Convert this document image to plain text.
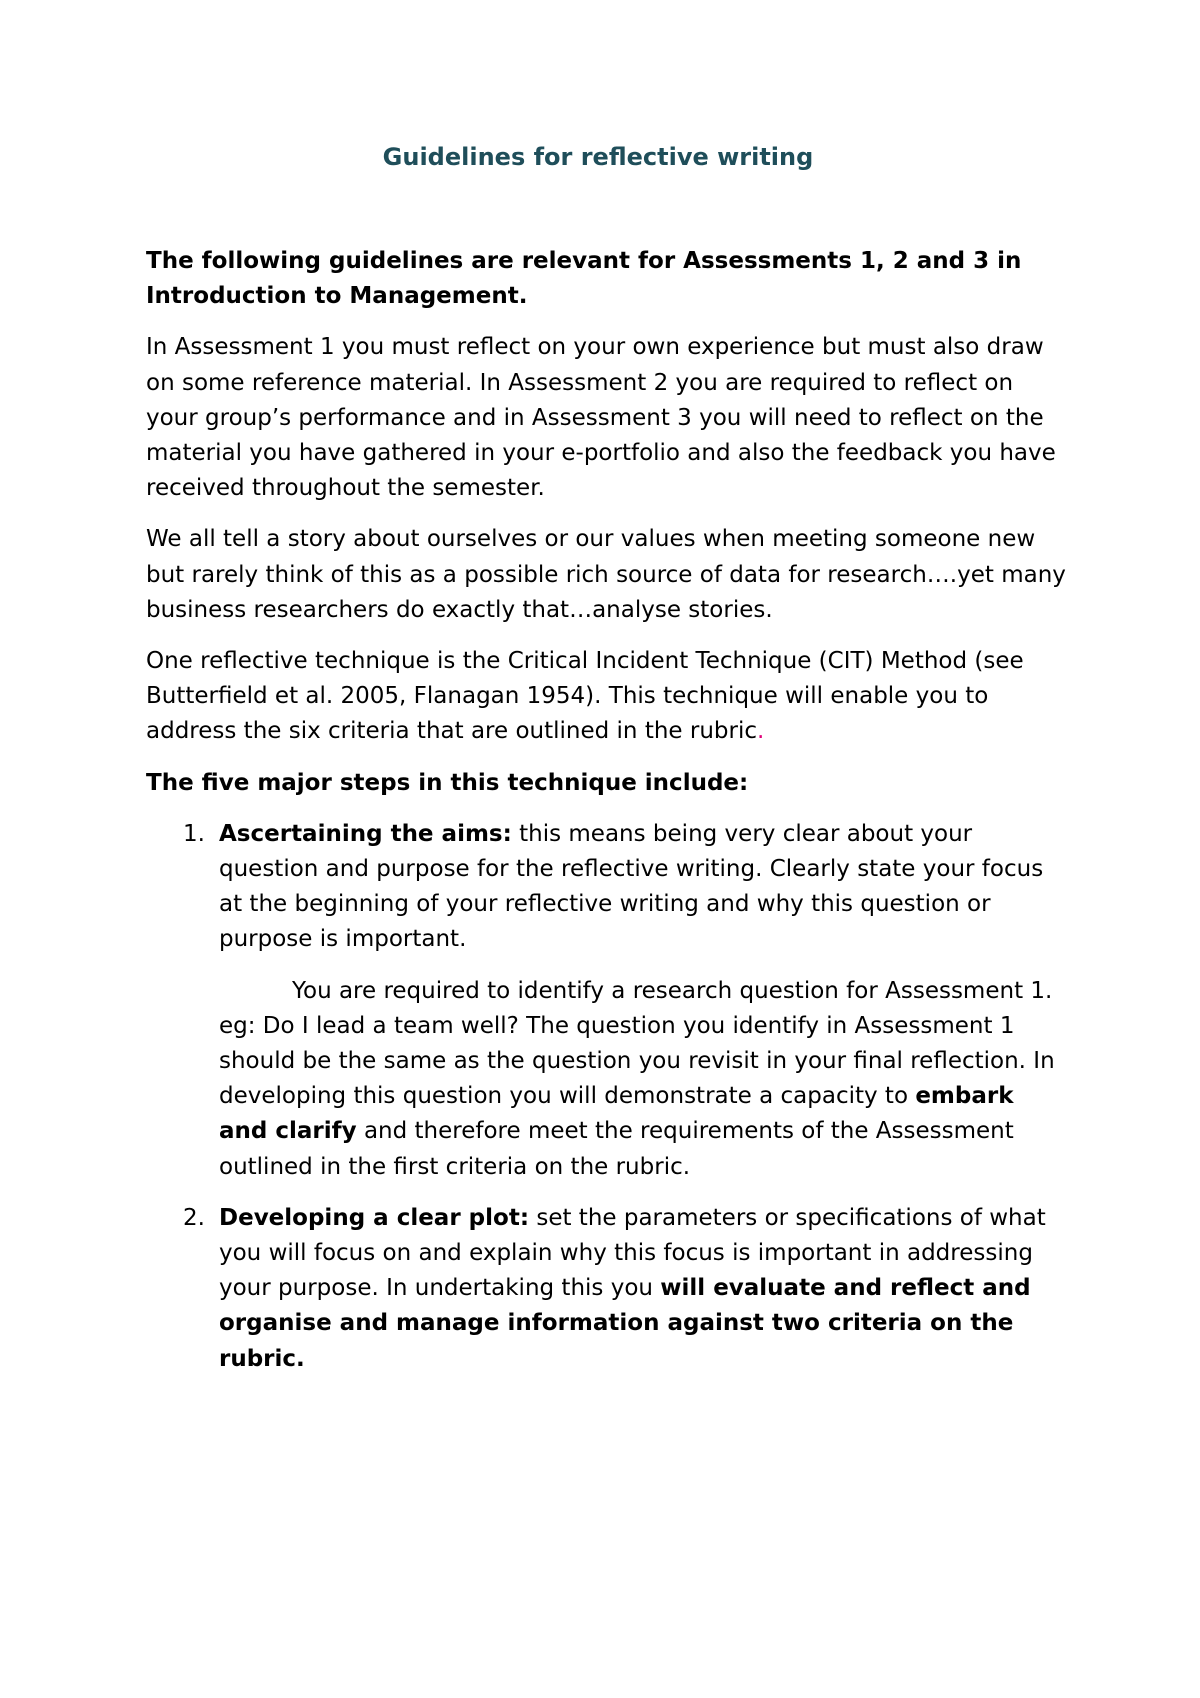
Guidelines for reflective writing

The following guidelines are relevant for Assessments 1, 2 and 3 in Introduction to Management.

In Assessment 1 you must reflect on your own experience but must also draw on some reference material. In Assessment 2 you are required to reflect on your group’s performance and in Assessment 3 you will need to reflect on the material you have gathered in your e-portfolio and also the feedback you have received throughout the semester.

We all tell a story about ourselves or our values when meeting someone new but rarely think of this as a possible rich source of data for research….yet many business researchers do exactly that…analyse stories.

One reflective technique is the Critical Incident Technique (CIT) Method (see Butterfield et al. 2005, Flanagan 1954). This technique will enable you to address the six criteria that are outlined in the rubric.

The five major steps in this technique include:

1. Ascertaining the aims: this means being very clear about your question and purpose for the reflective writing. Clearly state your focus at the beginning of your reflective writing and why this question or purpose is important.

You are required to identify a research question for Assessment 1. eg: Do I lead a team well? The question you identify in Assessment 1 should be the same as the question you revisit in your final reflection. In developing this question you will demonstrate a capacity to embark and clarify and therefore meet the requirements of the Assessment outlined in the first criteria on the rubric.

2. Developing a clear plot: set the parameters or specifications of what you will focus on and explain why this focus is important in addressing your purpose. In undertaking this you will evaluate and reflect and organise and manage information against two criteria on the rubric.
